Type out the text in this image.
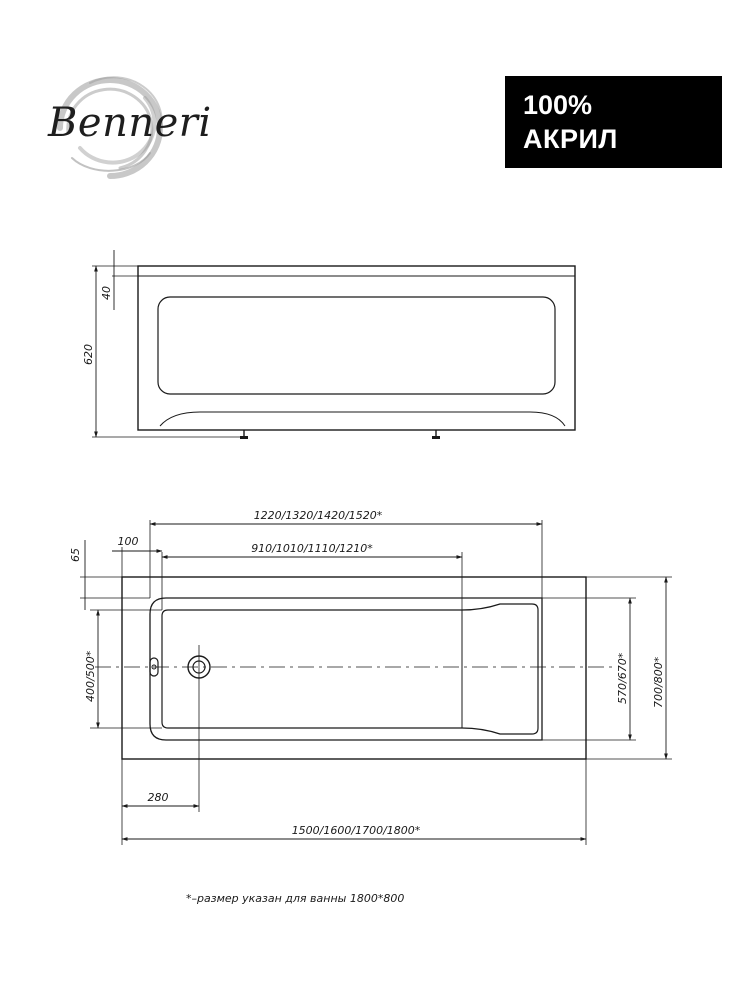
Benneri	100%
АКРИЛ
40
620
1220/1320/1420/1520*
910/1010/1110/1210*
100
65
400/500*	570/670* 700/800*
280
1500/1600/1700/1800*
*–размер указан для ванны 1800*800
